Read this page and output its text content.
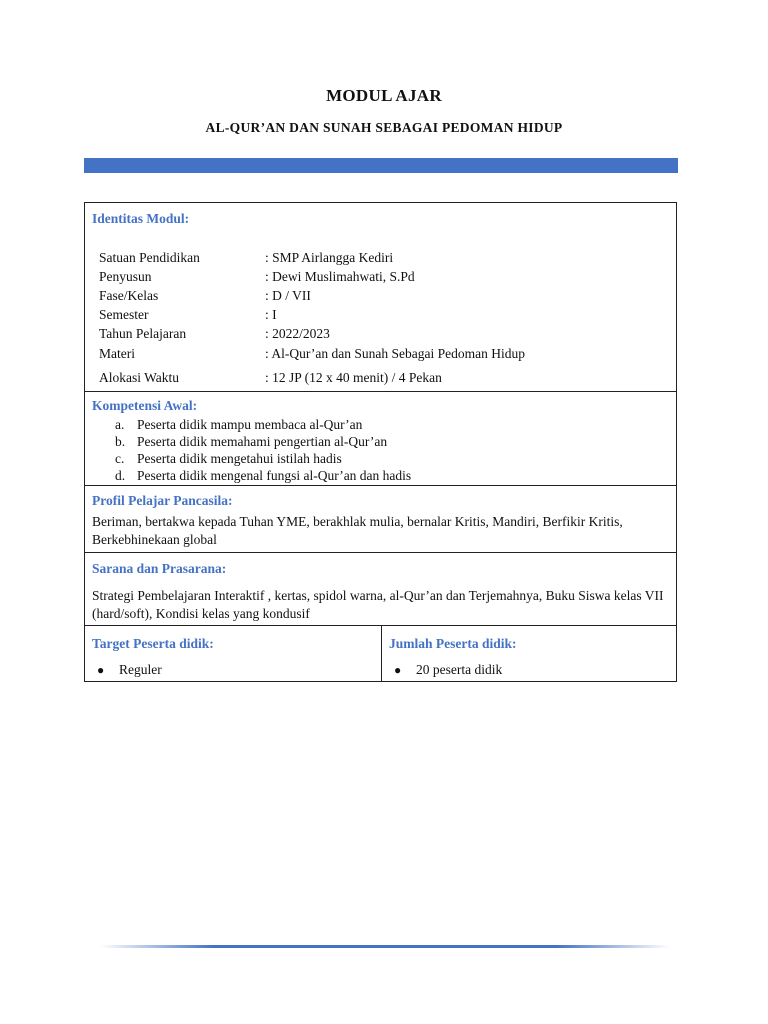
MODUL AJAR
AL-QUR’AN DAN SUNAH SEBAGAI PEDOMAN HIDUP
Identitas Modul:
Satuan Pendidikan	: SMP Airlangga Kediri
Penyusun	: Dewi Muslimahwati, S.Pd
Fase/Kelas	: D / VII
Semester	: I
Tahun Pelajaran	: 2022/2023
Materi	: Al-Qur’an dan Sunah Sebagai Pedoman Hidup
Alokasi Waktu	: 12 JP (12 x 40 menit) / 4 Pekan
Kompetensi Awal:
a. Peserta didik mampu membaca al-Qur’an
b. Peserta didik memahami pengertian al-Qur’an
c. Peserta didik mengetahui istilah hadis
d. Peserta didik mengenal fungsi al-Qur’an dan hadis
Profil Pelajar Pancasila:
Beriman, bertakwa kepada Tuhan YME, berakhlak mulia, bernalar Kritis, Mandiri, Berfikir Kritis, Berkebhinekaan global
Sarana dan Prasarana:
Strategi Pembelajaran Interaktif , kertas, spidol warna, al-Qur’an dan Terjemahnya, Buku Siswa kelas VII (hard/soft), Kondisi kelas yang kondusif
Target Peserta didik:
● Reguler
Jumlah Peserta didik:
● 20 peserta didik
